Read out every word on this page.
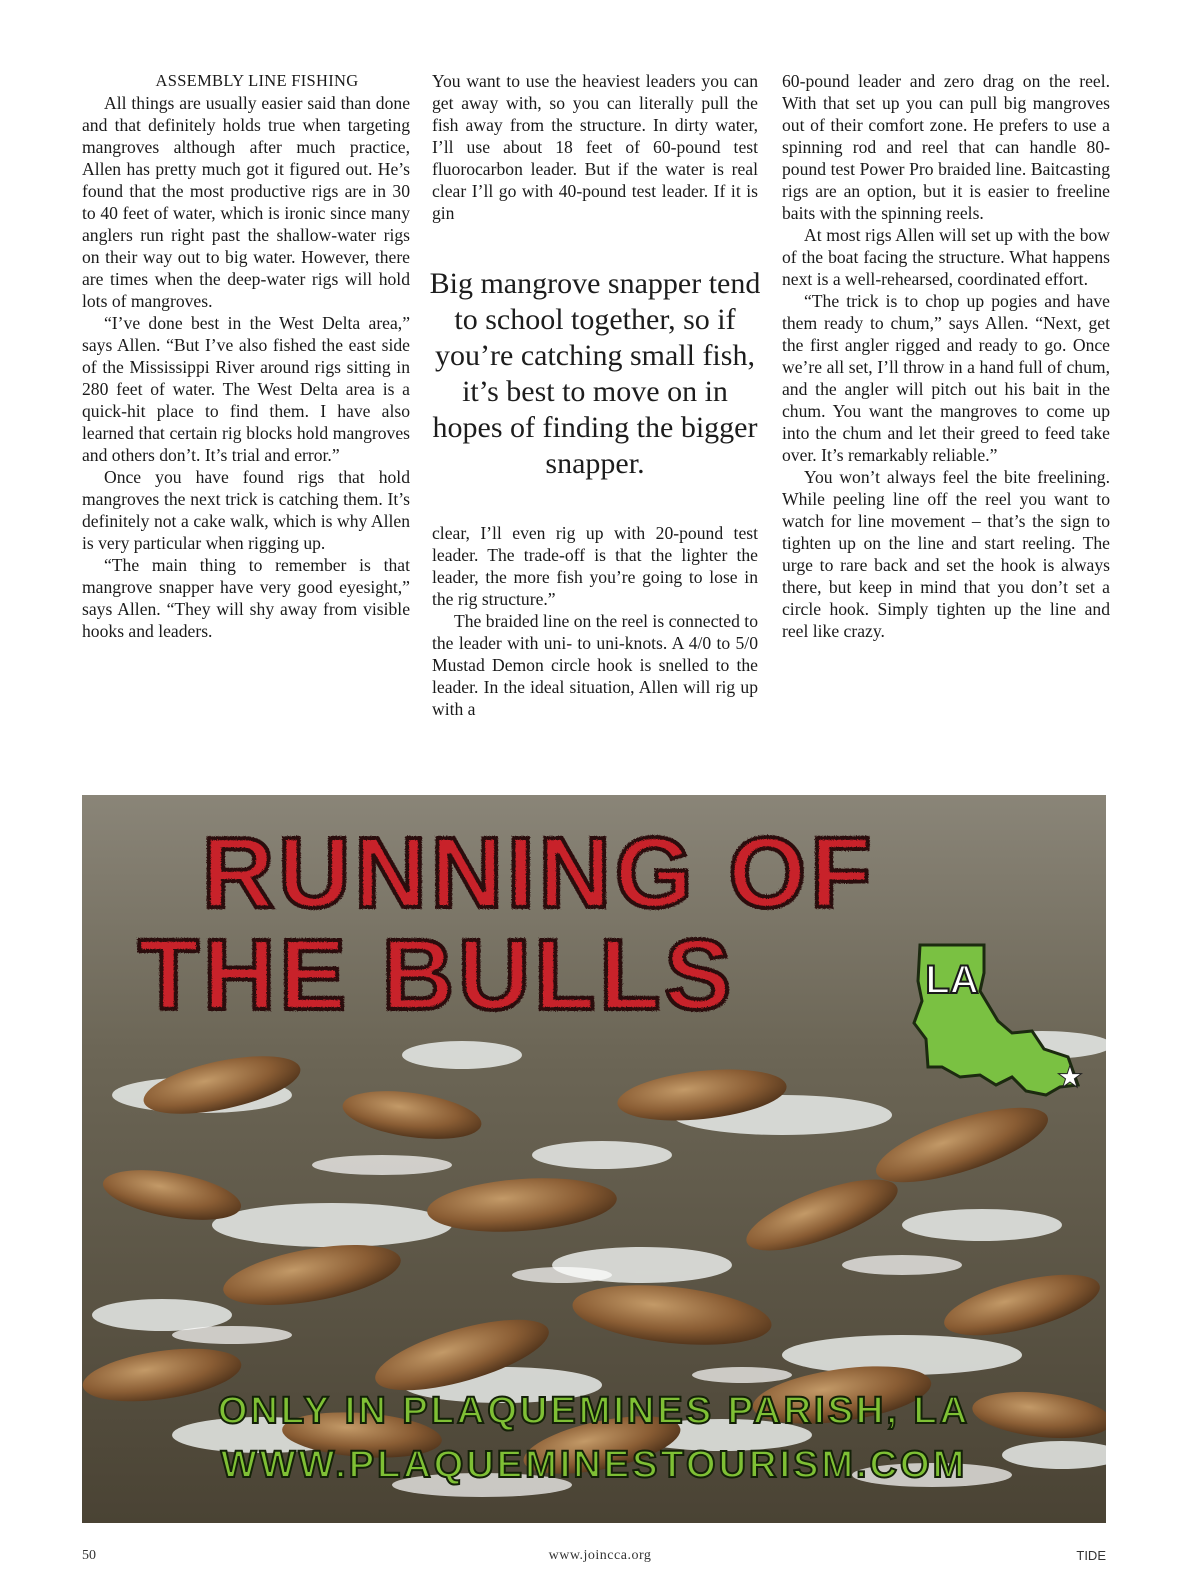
ASSEMBLY LINE FISHING

All things are usually easier said than done and that definitely holds true when targeting mangroves although after much practice, Allen has pretty much got it figured out. He’s found that the most productive rigs are in 30 to 40 feet of water, which is ironic since many anglers run right past the shallow-water rigs on their way out to big water. However, there are times when the deep-water rigs will hold lots of mangroves.

“I’ve done best in the West Delta area,” says Allen. “But I’ve also fished the east side of the Mississippi River around rigs sitting in 280 feet of water. The West Delta area is a quick-hit place to find them. I have also learned that certain rig blocks hold mangroves and others don’t. It’s trial and error.”

Once you have found rigs that hold mangroves the next trick is catching them. It’s definitely not a cake walk, which is why Allen is very particular when rigging up.

“The main thing to remember is that mangrove snapper have very good eyesight,” says Allen. “They will shy away from visible hooks and leaders.

You want to use the heaviest leaders you can get away with, so you can literally pull the fish away from the structure. In dirty water, I’ll use about 18 feet of 60-pound test fluorocarbon leader. But if the water is real clear I’ll go with 40-pound test leader. If it is gin

Big mangrove snapper tend to school together, so if you’re catching small fish, it’s best to move on in hopes of finding the bigger snapper.

clear, I’ll even rig up with 20-pound test leader. The trade-off is that the lighter the leader, the more fish you’re going to lose in the rig structure.”

The braided line on the reel is connected to the leader with uni- to uni-knots. A 4/0 to 5/0 Mustad Demon circle hook is snelled to the leader. In the ideal situation, Allen will rig up with a

60-pound leader and zero drag on the reel. With that set up you can pull big mangroves out of their comfort zone. He prefers to use a spinning rod and reel that can handle 80-pound test Power Pro braided line. Baitcasting rigs are an option, but it is easier to freeline baits with the spinning reels.

At most rigs Allen will set up with the bow of the boat facing the structure. What happens next is a well-rehearsed, coordinated effort.

“The trick is to chop up pogies and have them ready to chum,” says Allen. “Next, get the first angler rigged and ready to go. Once we’re all set, I’ll throw in a hand full of chum, and the angler will pitch out his bait in the chum. You want the mangroves to come up into the chum and let their greed to feed take over. It’s remarkably reliable.”

You won’t always feel the bite freelining. While peeling line off the reel you want to watch for line movement – that’s the sign to tighten up on the line and start reeling. The urge to rare back and set the hook is always there, but keep in mind that you don’t set a circle hook. Simply tighten up the line and reel like crazy.

LA
★
RUNNING OF
THE BULLS
ONLY IN PLAQUEMINES PARISH, LA
WWW.PLAQUEMINESTOURISM.COM
50	www.joincca.org	TIDE
